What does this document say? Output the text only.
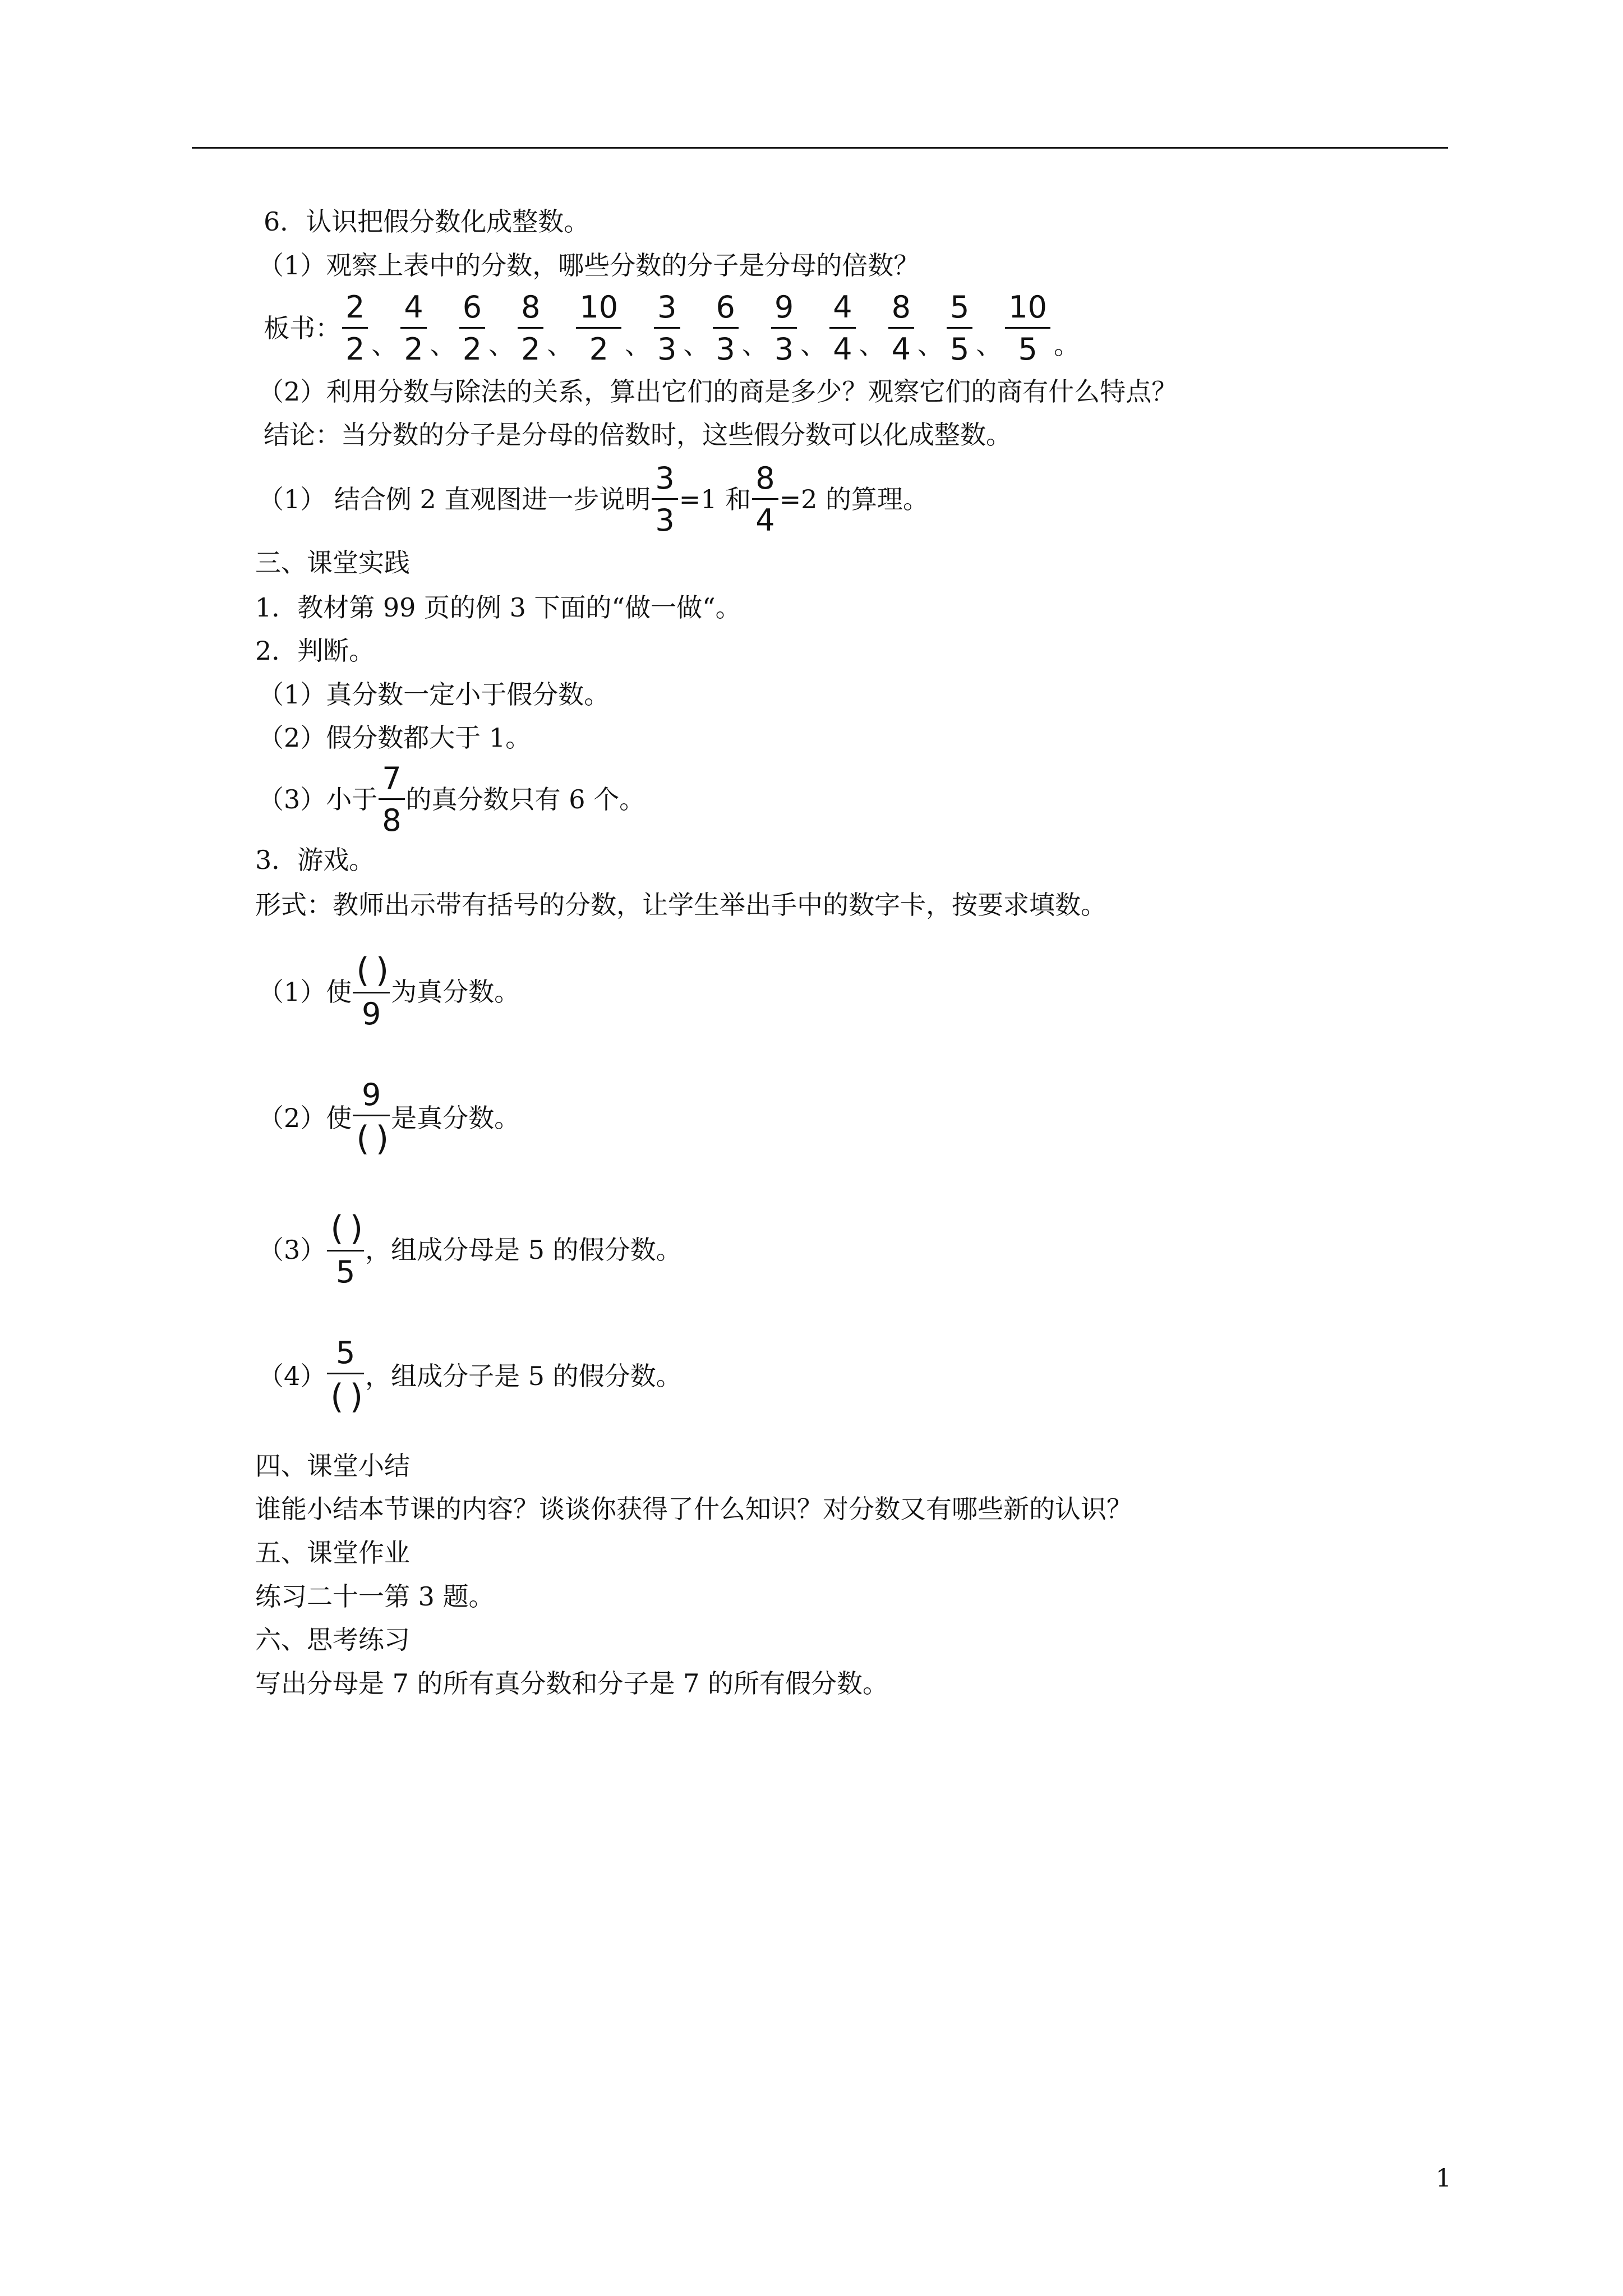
6．认识把假分数化成整数。
（1）观察上表中的分数，哪些分数的分子是分母的倍数？
板书： $\frac{2}{2}$ 、 $\frac{4}{2}$ 、 $\frac{6}{2}$ 、 $\frac{8}{2}$ 、 $\frac{10}{2}$ 、 $\frac{3}{3}$ 、 $\frac{6}{3}$ 、 $\frac{9}{3}$ 、 $\frac{4}{4}$ 、 $\frac{8}{4}$ 、 $\frac{5}{5}$ 、 $\frac{10}{5}$ 。
（2）利用分数与除法的关系，算出它们的商是多少？观察它们的商有什么特点？
结论：当分数的分子是分母的倍数时，这些假分数可以化成整数。
（1） 结合例 2 直观图进一步说明 $\frac{3}{3} =1$ 和 $\frac{8}{4} =2$ 的算理。
三、课堂实践
1．教材第 99 页的例 3 下面的“做一做“。
2．判断。
（1）真分数一定小于假分数。
（2）假分数都大于 1。
（3）小于 $\frac{7}{8}$ 的真分数只有 6 个。
3．游戏。
形式：教师出示带有括号的分数，让学生举出手中的数字卡，按要求填数。
（1）使 $\frac{( )}{9}$ 为真分数。
（2）使 $\frac{9}{( )}$ 是真分数。
$(3) \frac{( )}{5}$ ，组成分母是 5 的假分数。
$(4) \frac{5}{( )}$ ，组成分子是 5 的假分数。
四、课堂小结
谁能小结本节课的内容？谈谈你获得了什么知识？对分数又有哪些新的认识？
五、课堂作业
练习二十一第 3 题。
六、思考练习
写出分母是 7 的所有真分数和分子是 7 的所有假分数。
1
